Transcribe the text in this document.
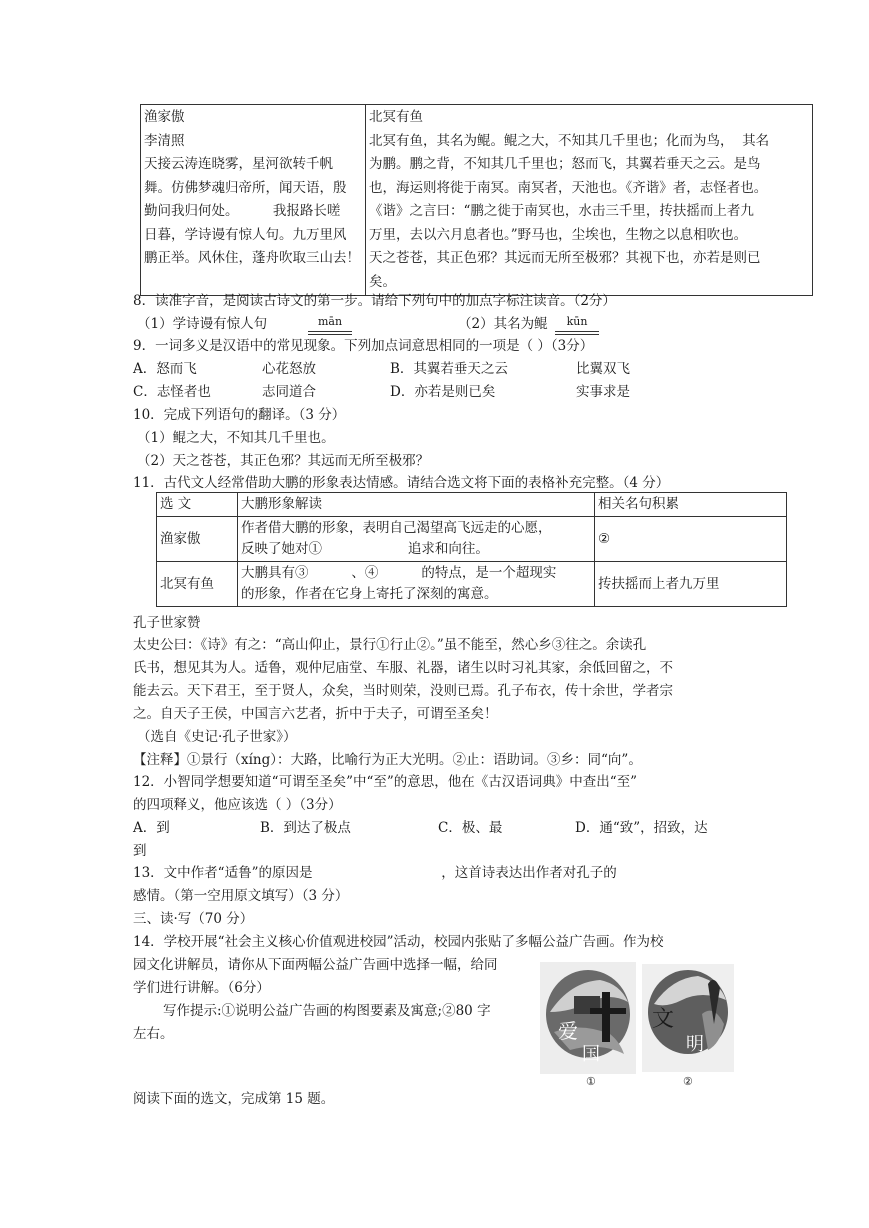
渔家傲
李清照
天接云涛连晓雾，星河欲转千帆
舞。仿佛梦魂归帝所，闻天语，殷
勤问我归何处。        我报路长嗟
日暮，学诗谩有惊人句。九万里风
鹏正举。风休住，蓬舟吹取三山去！

北冥有鱼
北冥有鱼，其名为鲲。鲲之大，不知其几千里也；化而为鸟，  其名
为鹏。鹏之背，不知其几千里也；怒而飞，其翼若垂天之云。是鸟
也，海运则将徙于南冥。南冥者，天池也。《齐谐》者，志怪者也。
《谐》之言曰：“鹏之徙于南冥也，水击三千里，抟扶摇而上者九
万里，去以六月息者也。”野马也，尘埃也，生物之以息相吹也。
天之苍苍，其正色邪？其远而无所至极邪？其视下也，亦若是则已
矣。
8．读准字音，是阅读古诗文的第一步。请给下列句中的加点字标注读音。（2分）
（1）学诗谩有惊人句	mān	（2）其名为鲲	kūn
9．一词多义是汉语中的常见现象。下列加点词意思相同的一项是（ ）（3分）
A．怒而飞	心花怒放	B．其翼若垂天之云	比翼双飞
C．志怪者也	志同道合	D．亦若是则已矣	实事求是
10．完成下列语句的翻译。（3 分）
（1）鲲之大，不知其几千里也。
（2）天之苍苍，其正色邪？其远而无所至极邪？
11．古代文人经常借助大鹏的形象表达情感。请结合选文将下面的表格补充完整。（4 分）
选 文	大鹏形象解读	相关名句积累
渔家傲	作者借大鹏的形象，表明自己渴望高飞远走的心愿，
反映了她对①                    追求和向往。	②
北冥有鱼	大鹏具有③          、④          的特点，是一个超现实
的形象，作者在它身上寄托了深刻的寓意。	抟扶摇而上者九万里
孔子世家赞
太史公曰：《诗》有之：“高山仰止，景行①行止②。”虽不能至，然心乡③往之。余读孔
氏书，想见其为人。适鲁，观仲尼庙堂、车服、礼器，诸生以时习礼其家，余低回留之，不
能去云。天下君王，至于贤人，众矣，当时则荣，没则已焉。孔子布衣，传十余世，学者宗
之。自天子王侯，中国言六艺者，折中于夫子，可谓至圣矣！
（选自《史记·孔子世家》）
【注释】①景行（xíng）：大路，比喻行为正大光明。②止：语助词。③乡：同“向”。
12．小智同学想要知道“可谓至圣矣”中“至”的意思，他在《古汉语词典》中查出“至”
的四项释义，他应该选（ ）（3分）
A．到	B．到达了极点	C．极、最	D．通“致”，招致，达
到
13．文中作者“适鲁”的原因是                              ，这首诗表达出作者对孔子的
感情。（第一空用原文填写）（3 分）
三、读·写（70 分）
14．学校开展“社会主义核心价值观进校园”活动，校园内张贴了多幅公益广告画。作为校
园文化讲解员，请你从下面两幅公益广告画中选择一幅，给同
学们进行讲解。（6分）
写作提示:①说明公益广告画的构图要素及寓意;②80 字
左右。	爱
国
①
文
明
②
阅读下面的选文，完成第 15 题。
